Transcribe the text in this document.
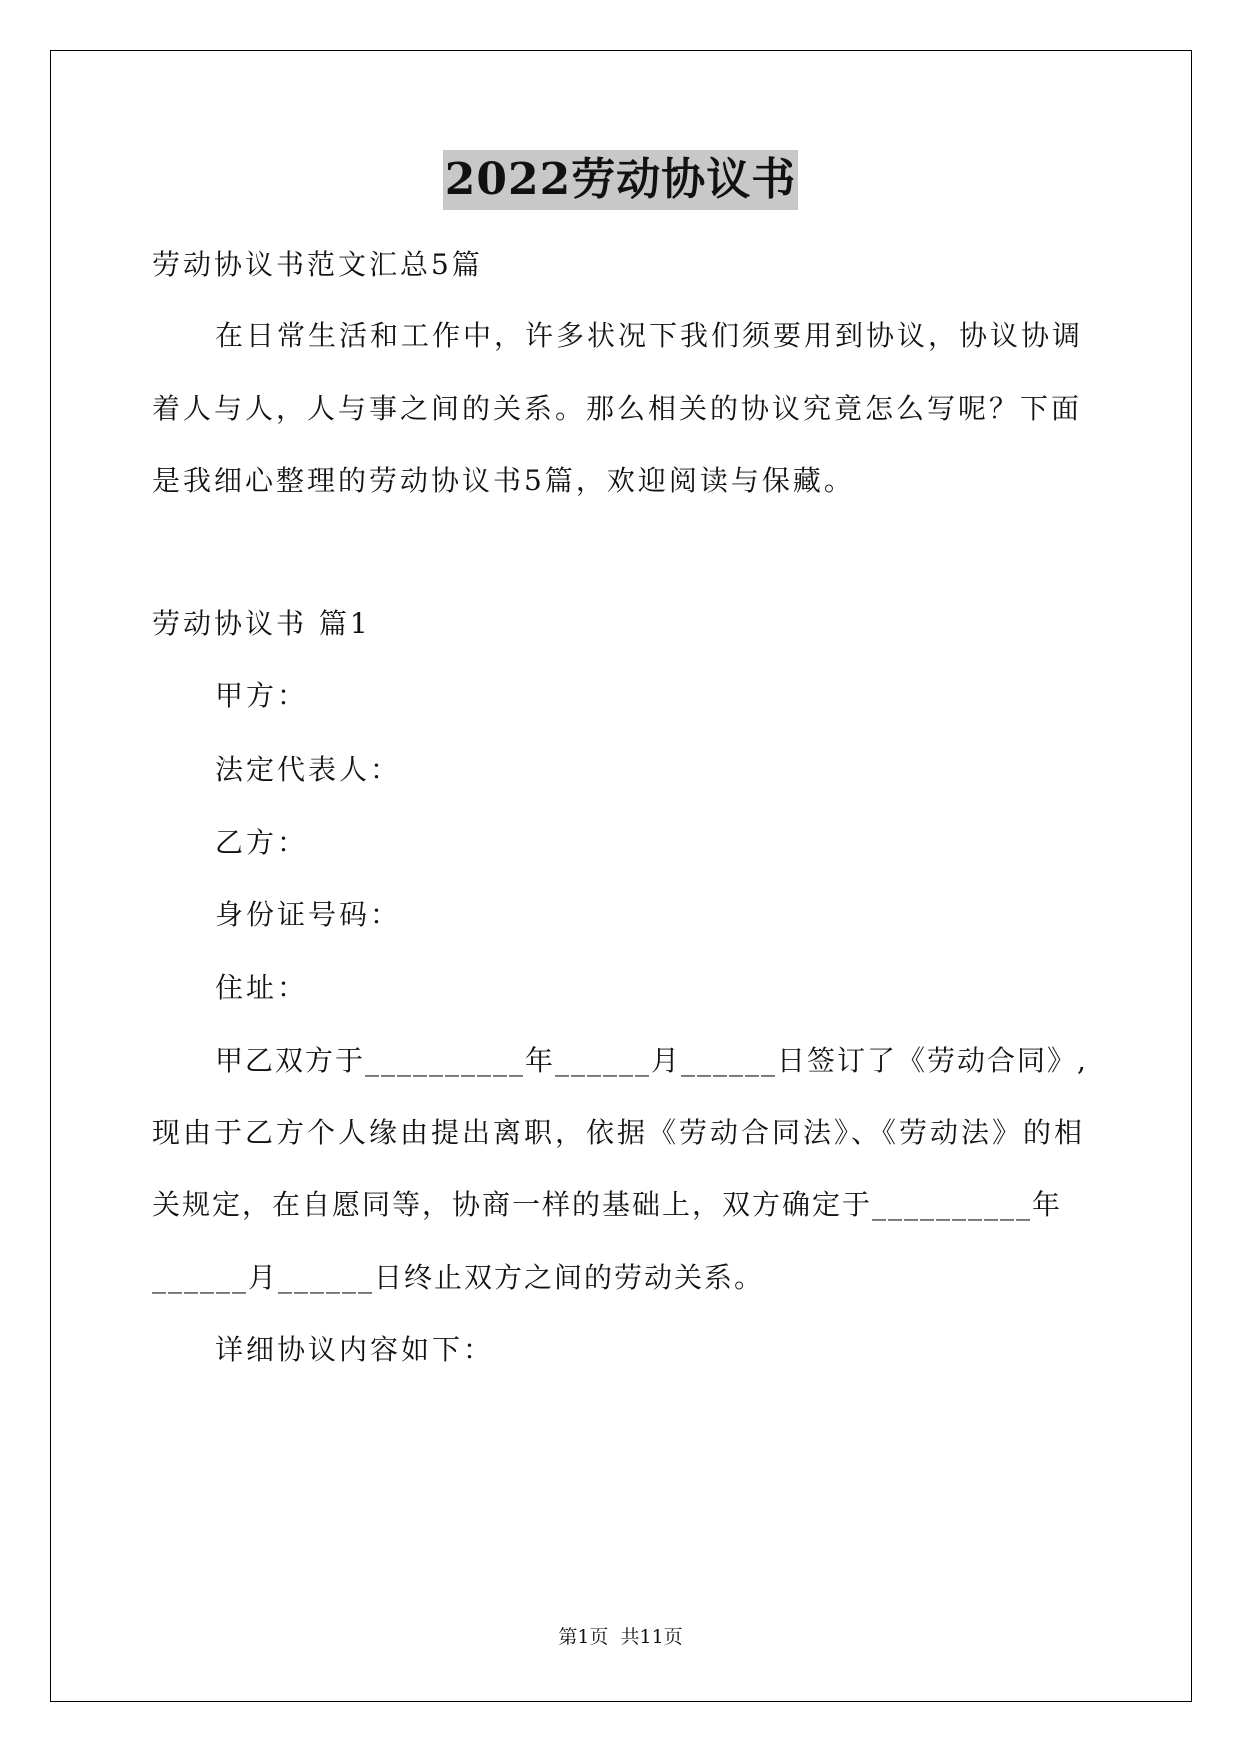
2022劳动协议书
劳动协议书范文汇总5篇
在日常生活和工作中，许多状况下我们须要用到协议，协议协调
着人与人，人与事之间的关系。那么相关的协议究竟怎么写呢？下面
是我细心整理的劳动协议书5篇，欢迎阅读与保藏。
劳动协议书 篇1
甲方：
法定代表人：
乙方：
身份证号码：
住址：
甲乙双方于__________年______月______日签订了《劳动合同》,
现由于乙方个人缘由提出离职，依据《劳动合同法》、《劳动法》的相
关规定，在自愿同等，协商一样的基础上，双方确定于__________年
______月______日终止双方之间的劳动关系。
详细协议内容如下：
第1页  共11页
